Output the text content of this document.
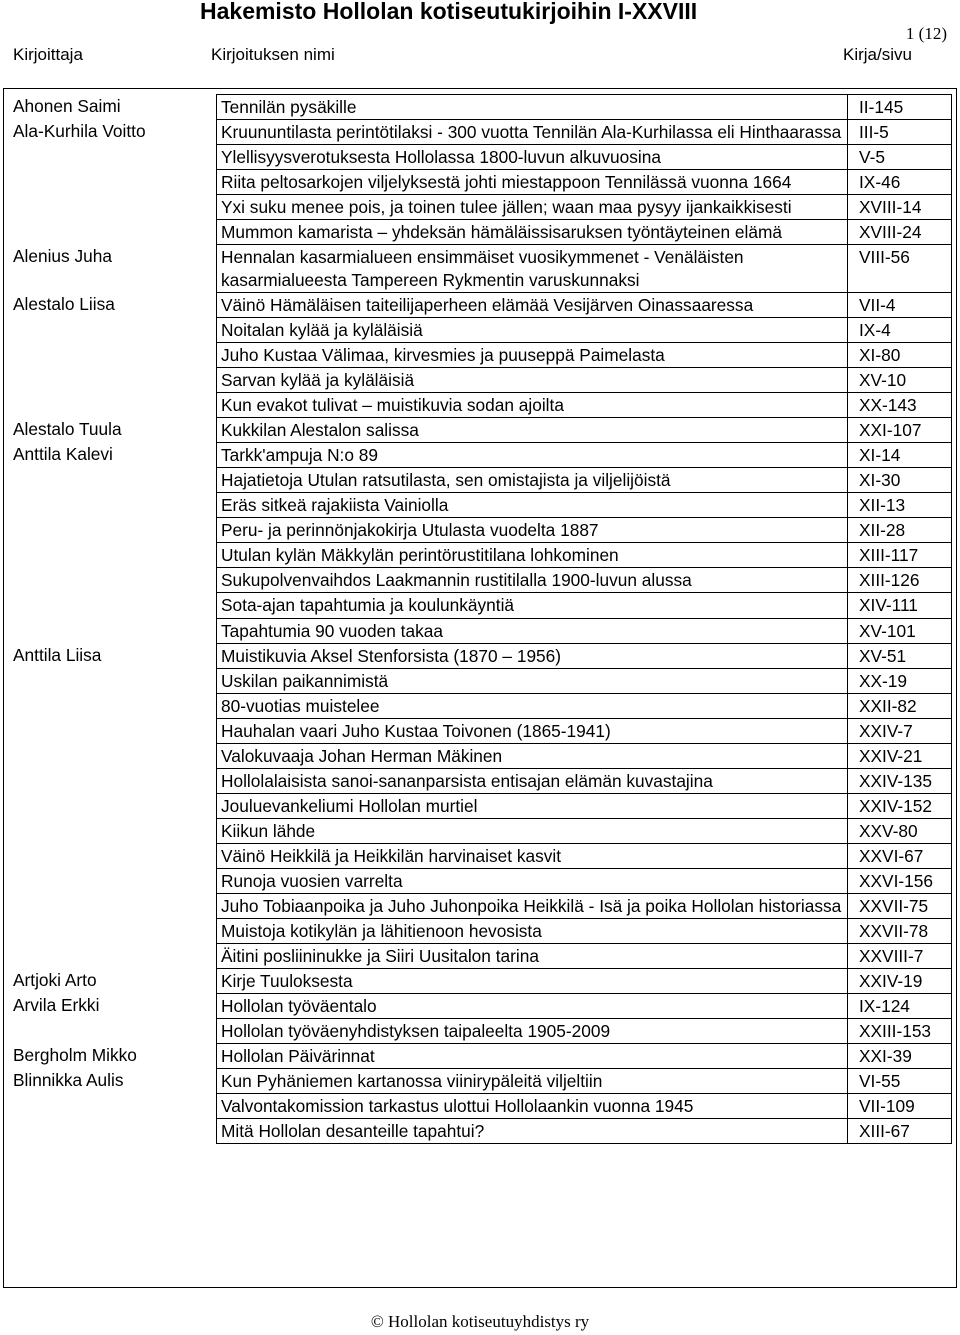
Hakemisto Hollolan kotiseutukirjoihin I-XXVIII
1 (12)
Kirjoittaja	Kirjoituksen nimi	Kirja/sivu
Ahonen Saimi	Tennilän pysäkille	II-145
Ala-Kurhila Voitto	Kruununtilasta perintötilaksi - 300 vuotta Tennilän Ala-Kurhilassa eli Hinthaarassa	III-5
	Ylellisyysverotuksesta Hollolassa 1800-luvun alkuvuosina	V-5
	Riita peltosarkojen viljelyksestä johti miestappoon Tennilässä vuonna 1664	IX-46
	Yxi suku menee pois, ja toinen tulee jällen; waan maa pysyy ijankaikkisesti	XVIII-14
	Mummon kamarista – yhdeksän hämäläissisaruksen työntäyteinen elämä	XVIII-24
Alenius Juha	Hennalan kasarmialueen ensimmäiset vuosikymmenet - Venäläisten kasarmialueesta Tampereen Rykmentin varuskunnaksi	VIII-56
Alestalo Liisa	Väinö Hämäläisen taiteilijaperheen elämää Vesijärven Oinassaaressa	VII-4
	Noitalan kylää ja kyläläisiä	IX-4
	Juho Kustaa Välimaa, kirvesmies ja puuseppä Paimelasta	XI-80
	Sarvan kylää ja kyläläisiä	XV-10
	Kun evakot tulivat – muistikuvia sodan ajoilta	XX-143
Alestalo Tuula	Kukkilan Alestalon salissa	XXI-107
Anttila Kalevi	Tarkk'ampuja N:o 89	XI-14
	Hajatietoja Utulan ratsutilasta, sen omistajista ja viljelijöistä	XI-30
	Eräs sitkeä rajakiista Vainiolla	XII-13
	Peru- ja perinnönjakokirja Utulasta vuodelta 1887	XII-28
	Utulan kylän Mäkkylän perintörustitilana lohkominen	XIII-117
	Sukupolvenvaihdos Laakmannin rustitilalla 1900-luvun alussa	XIII-126
	Sota-ajan tapahtumia ja koulunkäyntiä	XIV-111
	Tapahtumia 90 vuoden takaa	XV-101
Anttila Liisa	Muistikuvia Aksel Stenforsista (1870 – 1956)	XV-51
	Uskilan paikannimistä	XX-19
	80-vuotias muistelee	XXII-82
	Hauhalan vaari Juho Kustaa Toivonen (1865-1941)	XXIV-7
	Valokuvaaja Johan Herman Mäkinen	XXIV-21
	Hollolalaisista sanoi-sananparsista entisajan elämän kuvastajina	XXIV-135
	Jouluevankeliumi Hollolan murtiel	XXIV-152
	Kiikun lähde	XXV-80
	Väinö Heikkilä ja Heikkilän harvinaiset kasvit	XXVI-67
	Runoja vuosien varrelta	XXVI-156
	Juho Tobiaanpoika ja Juho Juhonpoika Heikkilä - Isä ja poika Hollolan historiassa	XXVII-75
	Muistoja kotikylän ja lähitienoon hevosista	XXVII-78
	Äitini posliininukke ja Siiri Uusitalon tarina	XXVIII-7
Artjoki Arto	Kirje Tuuloksesta	XXIV-19
Arvila Erkki	Hollolan työväentalo	IX-124
	Hollolan työväenyhdistyksen taipaleelta 1905-2009	XXIII-153
Bergholm Mikko	Hollolan Päivärinnat	XXI-39
Blinnikka Aulis	Kun Pyhäniemen kartanossa viinirypäleitä viljeltiin	VI-55
	Valvontakomission tarkastus ulottui Hollolaankin vuonna 1945	VII-109
	Mitä Hollolan desanteille tapahtui?	XIII-67
© Hollolan kotiseutuyhdistys ry
